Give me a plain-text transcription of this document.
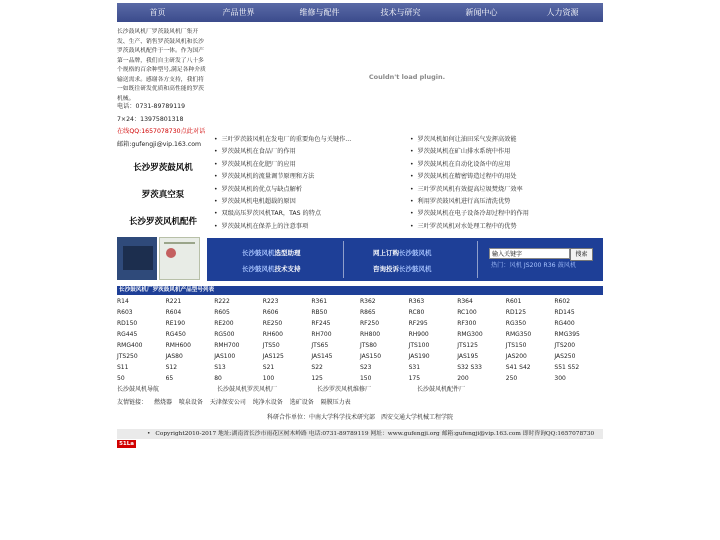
首页	产品世界	维修与配件	技术与研究	新闻中心	人力资源
长沙鼓风机厂罗茨鼓风机厂集开发、生产、销售罗茨鼓风机和长沙罗茨鼓风机配件于一体。作为国产第一品牌，我们自主研发了八十多个规格的百余种型号,满足各种介质输送需求。感谢各方支持，我们将一如既往研发优质和高性能的罗茨机械。
电话：0731-89789119
7×24：13975801318
在线QQ:1657078730点此对话
邮箱:gufengji@vip.163.com
长沙罗茨鼓风机
罗茨真空泵
长沙罗茨风机配件
Couldn't load plugin.
• 三叶罗茨鼓风机在发电厂的重要角色与关键作...
• 罗茨鼓风机在食品厂的作用
• 罗茨鼓风机在化肥厂的应用
• 罗茨鼓风机的流量调节原理和方法
• 罗茨鼓风机的优点与缺点解析
• 罗茨鼓风机电机超载的原因
• 双级高压罗茨风机TAR，TAS 的特点
• 罗茨鼓风机在保养上的注意事项
• 罗茨风机如何让油田采气发挥高效能
• 罗茨鼓风机在矿山排水系统中作用
• 罗茨鼓风机在自动化设备中的应用
• 罗茨鼓风机在精密铸造过程中的用处
• 三叶罗茨风机有效提高垃圾焚烧厂效率
• 利用罗茨鼓风机进行高压清洗优势
• 罗茨鼓风机在电子设备冷却过程中的作用
• 三叶罗茨风机对水处理工程中的优势
长沙鼓风机选型助理
长沙鼓风机技术支持
网上订购长沙鼓风机
咨询投诉长沙鼓风机
输入关键字
搜索
热门：风机 JS200 R36 鼓风机
长沙鼓风机厂罗茨鼓风机产品型号列表
R14	R221	R222	R223	R361	R362	R363	R364	R601	R602
R603	R604	R605	R606	RB50	R865	RC80	RC100	RD125	RD145
RD150	RE190	RE200	RE250	RF245	RF250	RF295	RF300	RG350	RG400
RG445	RG450	RG500	RH600	RH700	RH800	RH900	RMG300	RMG350	RMG395
RMG400	RMH600	RMH700	JTS50	JTS65	JTS80	JTS100	JTS125	JTS150	JTS200
JTS250	JAS80	JAS100	JAS125	JAS145	JAS150	JAS190	JAS195	JAS200	JAS250
S11	S12	S13	S21	S22	S23	S31	S32 S33	S41 S42	S51 S52
50	65	80	100	125	150	175	200	250	300
长沙鼓风机导航	长沙鼓风机罗茨风机厂	长沙罗茨风机维修厂	长沙鼓风机配件厂
友情链接： 燃烧器 喷泉设备 天津保安公司 纯净水设备 选矿设备 隔膜压力表
科研合作单位：中南大学科学技术研究部　西安交通大学机械工程学院
• Copyright2010-2017 地址:湖南省长沙市雨花区树木岭路 电话:0731-89789119 网址：www.gufengji.org 邮箱:gufengji@vip.163.com 即时咨询QQ:1657078730
51La
